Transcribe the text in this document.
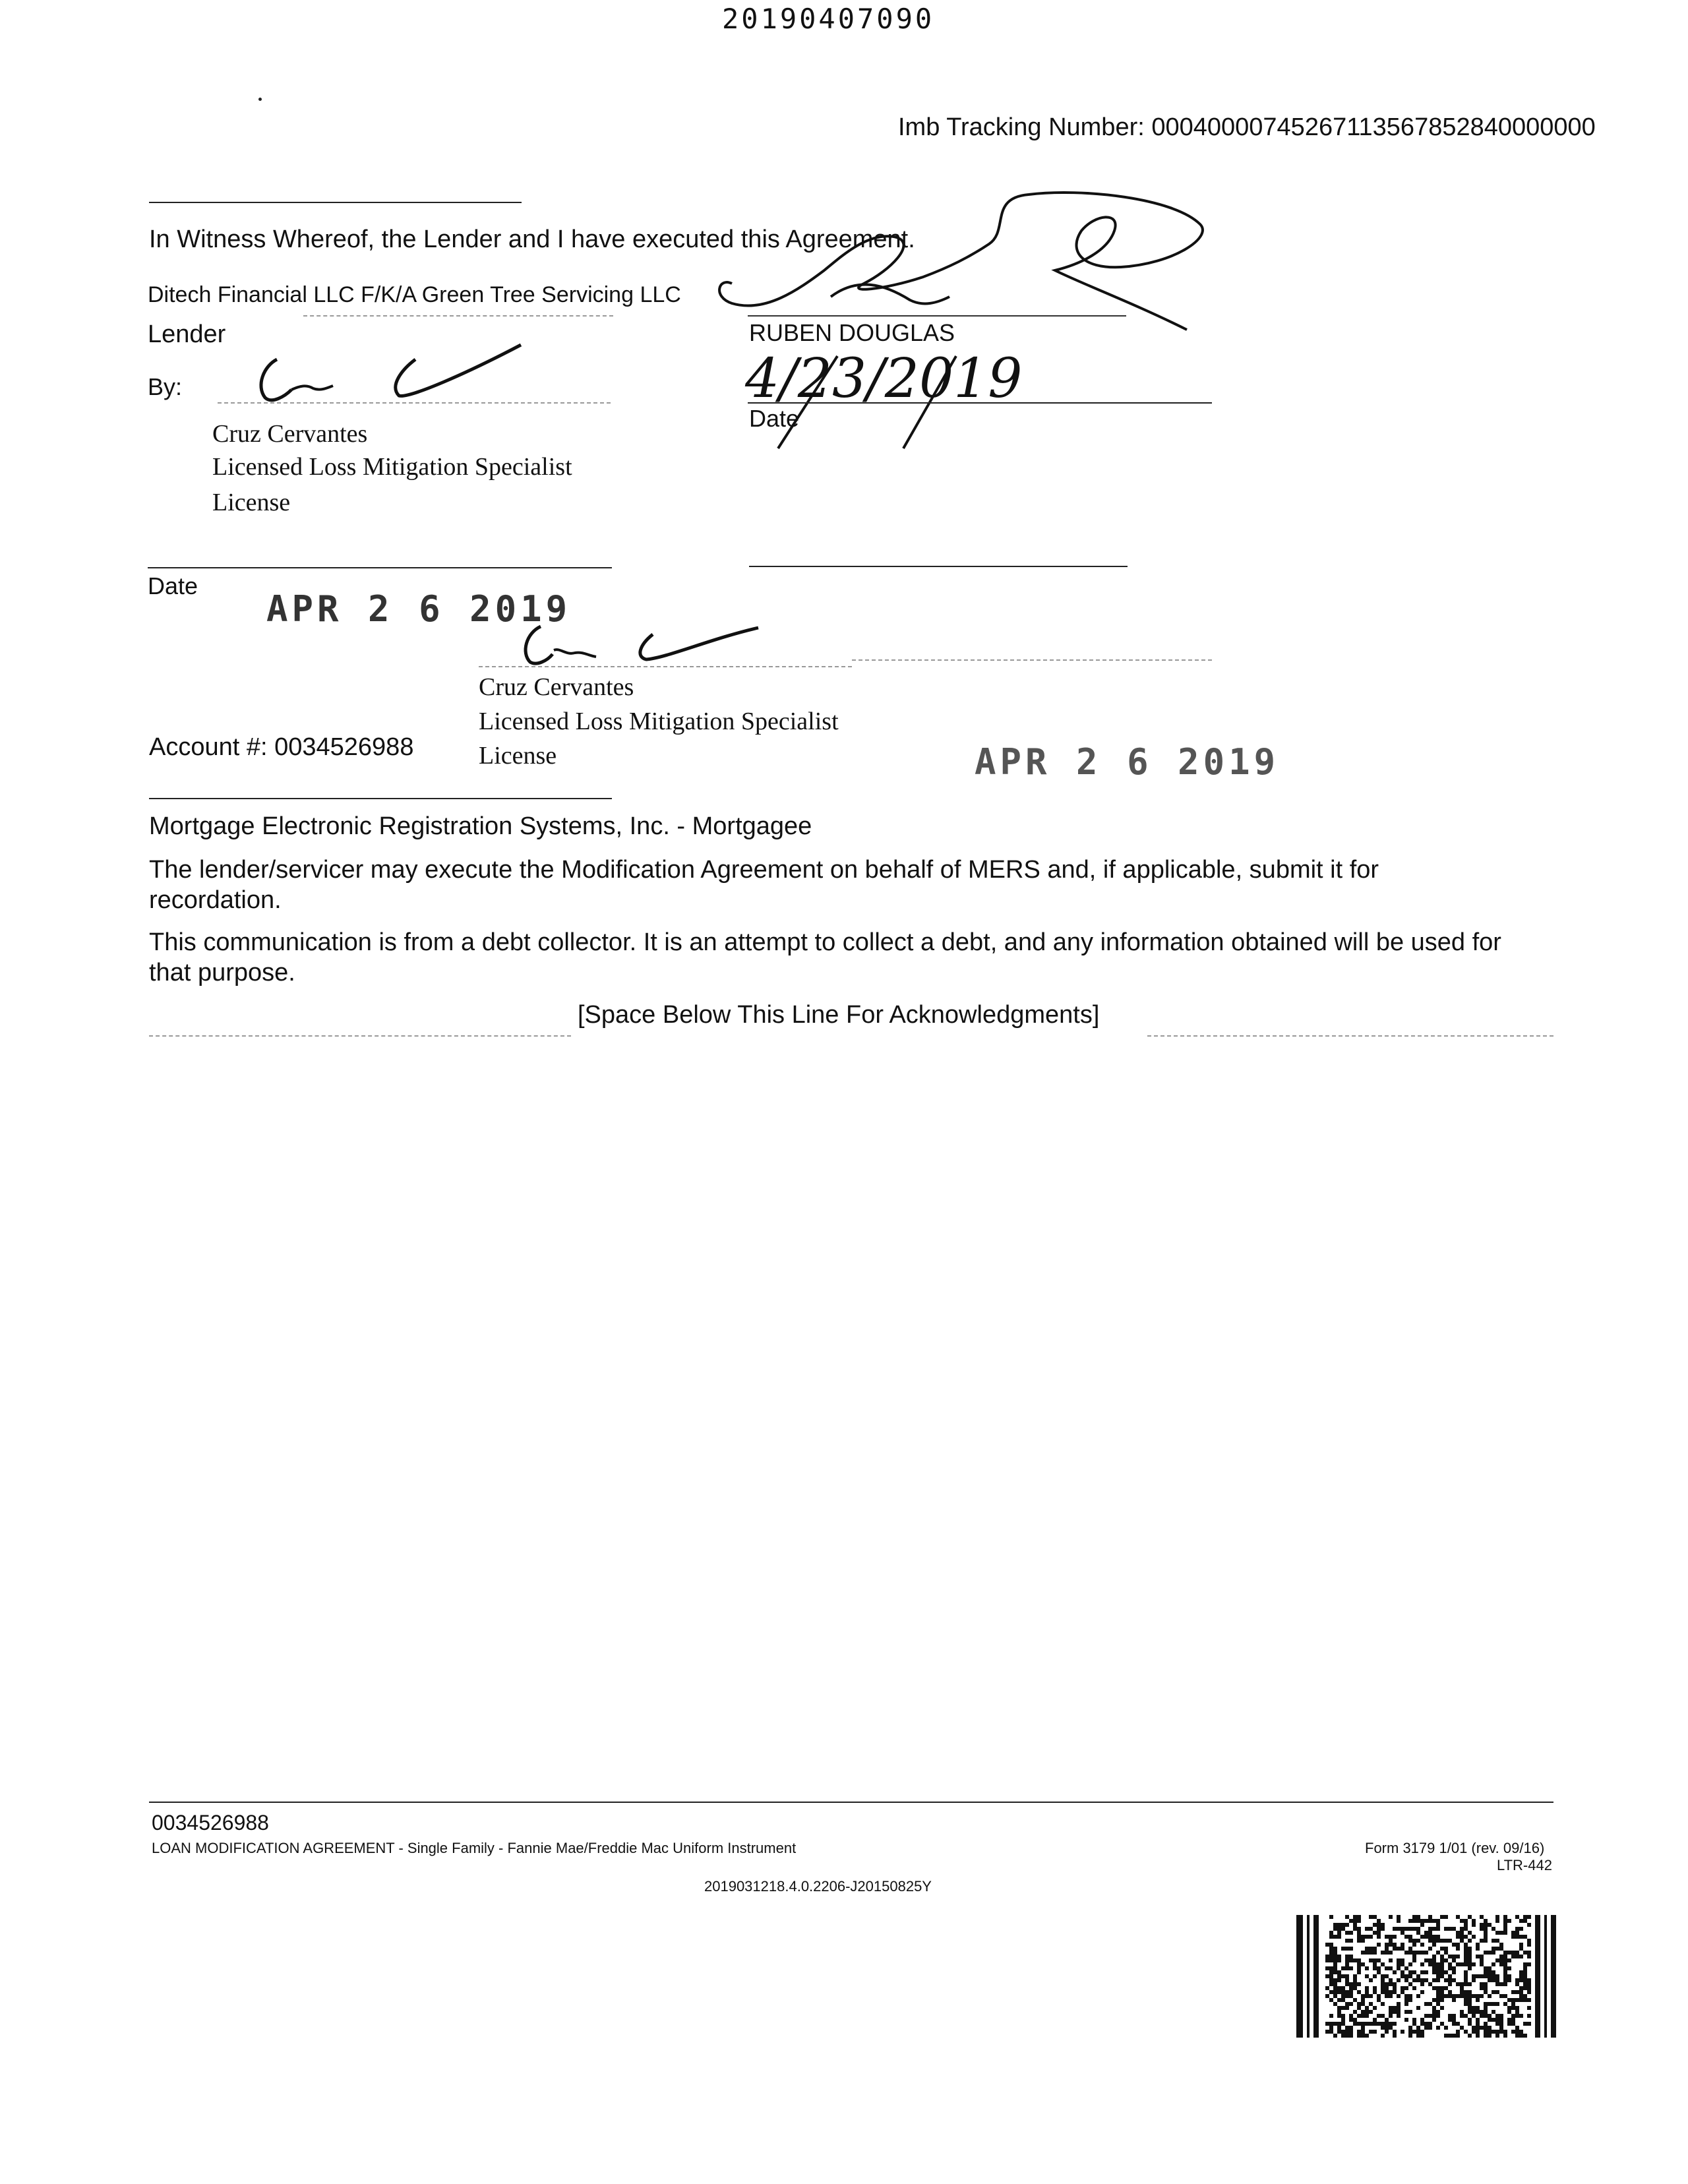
20190407090
Imb Tracking Number: 00040000745267113567852840000000
In Witness Whereof, the Lender and I have executed this Agreement.
Ditech Financial LLC F/K/A Green Tree Servicing LLC
Lender
By:
Cruz Cervantes
Licensed Loss Mitigation Specialist
License
RUBEN DOUGLAS
4/23/2019
Date
Date
APR 2 6 2019
Cruz Cervantes
Account #: 0034526988
Licensed Loss Mitigation Specialist
License	APR 2 6 2019
Mortgage Electronic Registration Systems, Inc. - Mortgagee
The lender/servicer may execute the Modification Agreement on behalf of MERS and, if applicable, submit it for
recordation.
This communication is from a debt collector. It is an attempt to collect a debt, and any information obtained will be used for
that purpose.
[Space Below This Line For Acknowledgments]
0034526988
LOAN MODIFICATION AGREEMENT - Single Family - Fannie Mae/Freddie Mac Uniform Instrument	Form 3179 1/01 (rev. 09/16)
LTR-442
2019031218.4.0.2206-J20150825Y
